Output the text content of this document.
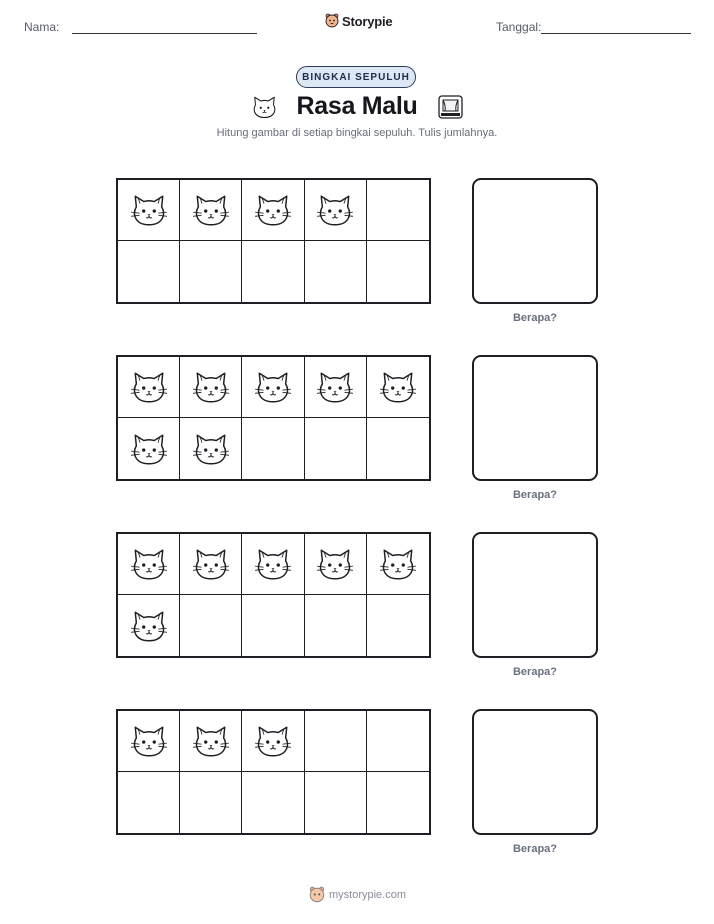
Nama:	Storypie	Tanggal:
BINGKAI SEPULUH
Rasa Malu
Hitung gambar di setiap bingkai sepuluh. Tulis jumlahnya.
Berapa?
Berapa?
Berapa?
Berapa?
mystorypie.com
